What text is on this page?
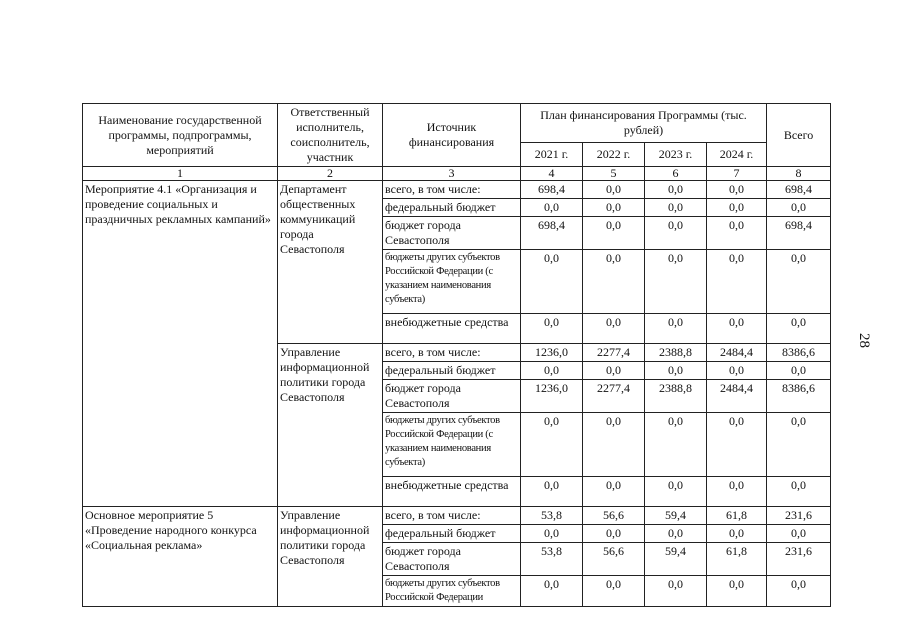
Наименование государственной программы, подпрограммы, мероприятий	Ответственный исполнитель, соисполнитель, участник	Источник финансирования	План финансирования Программы (тыс. рублей)				Всего
			2021 г.	2022 г.	2023 г.	2024 г.	
1	2	3	4	5	6	7	8
Мероприятие 4.1 «Организация и проведение социальных и праздничных рекламных кампаний»	Департамент общественных коммуникаций города Севастополя	всего, в том числе:	698,4	0,0	0,0	0,0	698,4
		федеральный бюджет	0,0	0,0	0,0	0,0	0,0
		бюджет города Севастополя	698,4	0,0	0,0	0,0	698,4
		бюджеты других субъектов Российской Федерации (с указанием наименования субъекта)	0,0	0,0	0,0	0,0	0,0
		внебюджетные средства	0,0	0,0	0,0	0,0	0,0
	Управление информационной политики города Севастополя	всего, в том числе:	1236,0	2277,4	2388,8	2484,4	8386,6
		федеральный бюджет	0,0	0,0	0,0	0,0	0,0
		бюджет города Севастополя	1236,0	2277,4	2388,8	2484,4	8386,6
		бюджеты других субъектов Российской Федерации (с указанием наименования субъекта)	0,0	0,0	0,0	0,0	0,0
		внебюджетные средства	0,0	0,0	0,0	0,0	0,0
Основное мероприятие 5 «Проведение народного конкурса «Социальная реклама»	Управление информационной политики города Севастополя	всего, в том числе:	53,8	56,6	59,4	61,8	231,6
		федеральный бюджет	0,0	0,0	0,0	0,0	0,0
		бюджет города Севастополя	53,8	56,6	59,4	61,8	231,6
		бюджеты других субъектов Российской Федерации	0,0	0,0	0,0	0,0	0,0
28
